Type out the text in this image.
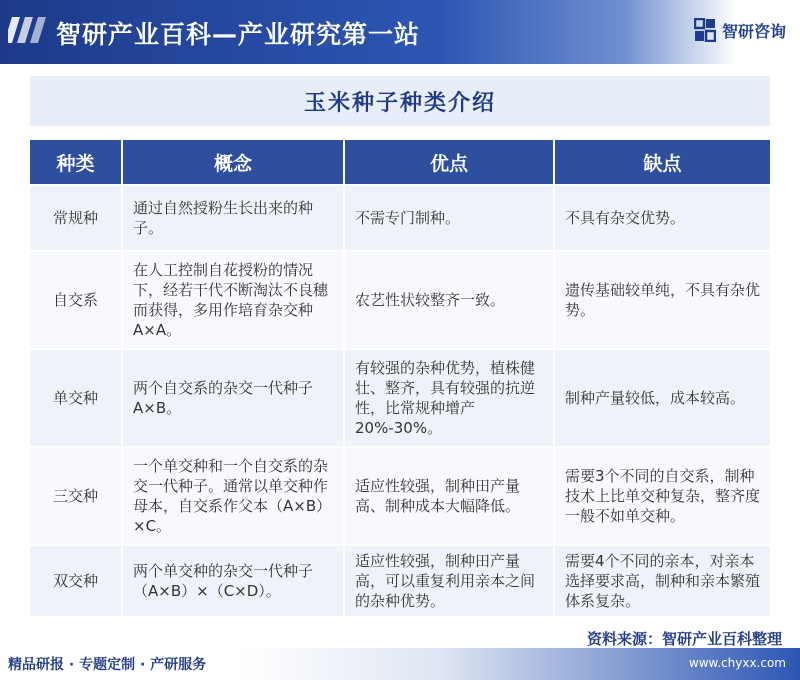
智研产业百科—产业研究第一站	智研咨询
玉米种子种类介绍
种类	概念	优点	缺点
常规种	通过自然授粉生长出来的种子。	不需专门制种。	不具有杂交优势。
自交系	在人工控制自花授粉的情况下，经若干代不断淘汰不良穗而获得，多用作培育杂交种A×A。	农艺性状较整齐一致。	遗传基础较单纯，不具有杂优势。
单交种	两个自交系的杂交一代种子A×B。	有较强的杂种优势，植株健壮、整齐，具有较强的抗逆性，比常规种增产20%-30%。	制种产量较低，成本较高。
三交种	一个单交种和一个自交系的杂交一代种子。通常以单交种作母本，自交系作父本（A×B）×C。	适应性较强，制种田产量高、制种成本大幅降低。	需要3个不同的自交系，制种技术上比单交种复杂，整齐度一般不如单交种。
双交种	两个单交种的杂交一代种子（A×B）×（C×D）。	适应性较强，制种田产量高，可以重复利用亲本之间的杂种优势。	需要4个不同的亲本，对亲本选择要求高，制种和亲本繁殖体系复杂。
资料来源：智研产业百科整理
精品研报 · 专题定制 · 产研服务	www.chyxx.com
